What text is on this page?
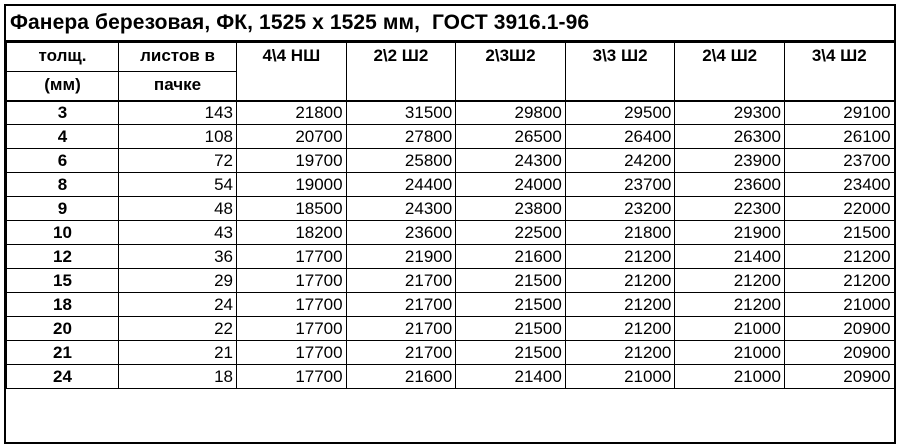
Фанера березовая, ФК, 1525 х 1525 мм,  ГОСТ 3916.1-96
толщ.	листов в	4\4 НШ	2\2 Ш2	2\3Ш2	3\3 Ш2	2\4 Ш2	3\4 Ш2
(мм)	пачке						
3	143	21800	31500	29800	29500	29300	29100
4	108	20700	27800	26500	26400	26300	26100
6	72	19700	25800	24300	24200	23900	23700
8	54	19000	24400	24000	23700	23600	23400
9	48	18500	24300	23800	23200	22300	22000
10	43	18200	23600	22500	21800	21900	21500
12	36	17700	21900	21600	21200	21400	21200
15	29	17700	21700	21500	21200	21200	21200
18	24	17700	21700	21500	21200	21200	21000
20	22	17700	21700	21500	21200	21000	20900
21	21	17700	21700	21500	21200	21000	20900
24	18	17700	21600	21400	21000	21000	20900
